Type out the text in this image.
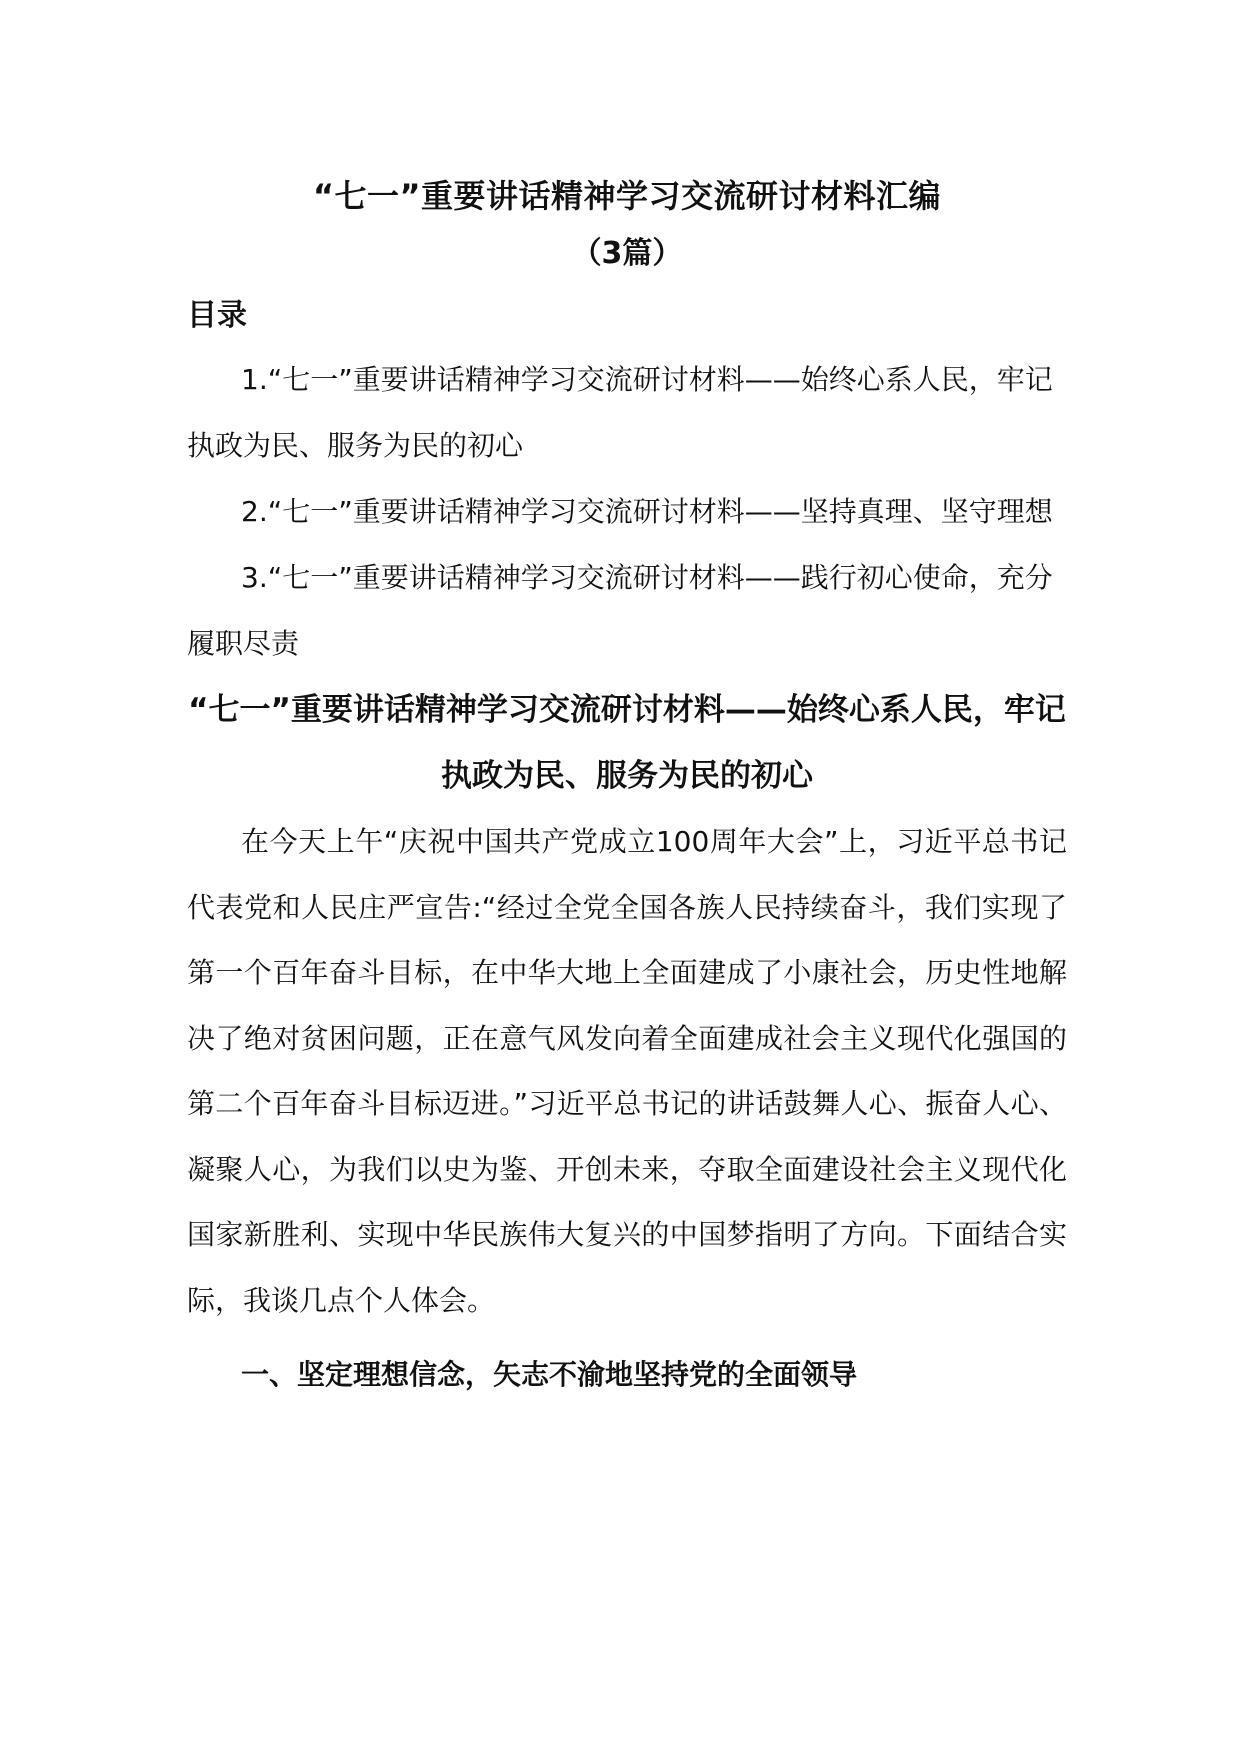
“七一”重要讲话精神学习交流研讨材料汇编
（3篇）
目录
1.“七一”重要讲话精神学习交流研讨材料——始终心系人民，牢记执政为民、服务为民的初心
2.“七一”重要讲话精神学习交流研讨材料——坚持真理、坚守理想
3.“七一”重要讲话精神学习交流研讨材料——践行初心使命，充分履职尽责
“七一”重要讲话精神学习交流研讨材料——始终心系人民，牢记执政为民、服务为民的初心

在今天上午“庆祝中国共产党成立100周年大会”上，习近平总书记代表党和人民庄严宣告:“经过全党全国各族人民持续奋斗，我们实现了第一个百年奋斗目标，在中华大地上全面建成了小康社会，历史性地解决了绝对贫困问题，正在意气风发向着全面建成社会主义现代化强国的第二个百年奋斗目标迈进。”习近平总书记的讲话鼓舞人心、振奋人心、凝聚人心，为我们以史为鉴、开创未来，夺取全面建设社会主义现代化国家新胜利、实现中华民族伟大复兴的中国梦指明了方向。下面结合实际，我谈几点个人体会。

一、坚定理想信念，矢志不渝地坚持党的全面领导
